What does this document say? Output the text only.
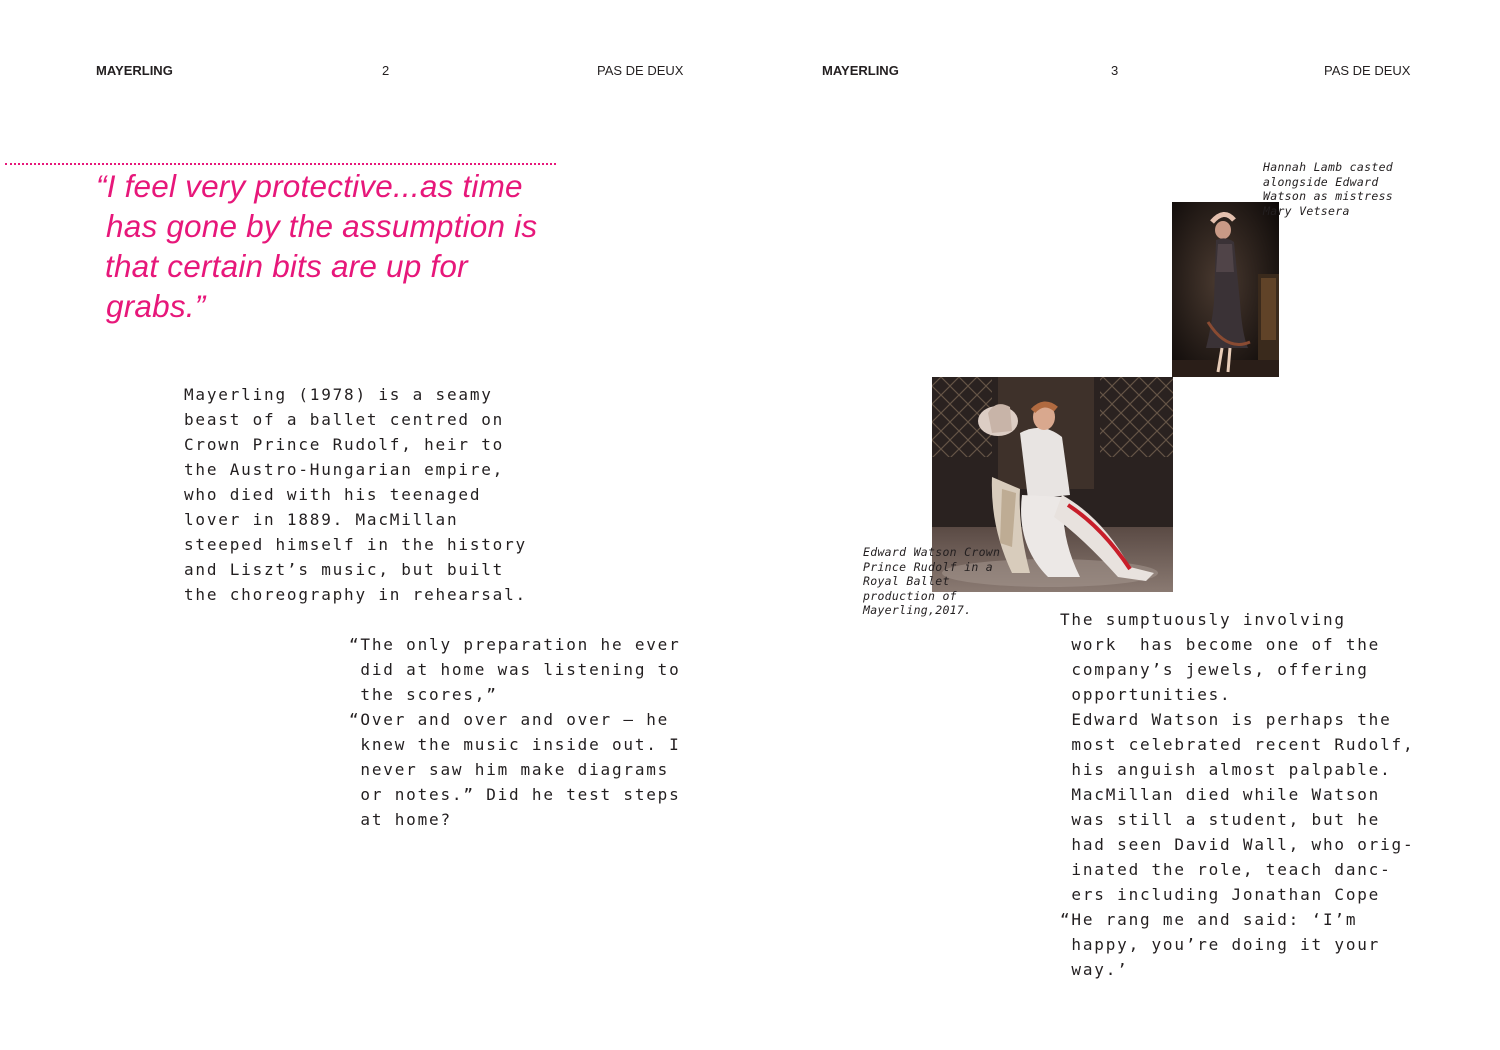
MAYERLING	2	PAS DE DEUX	MAYERLING	3	PAS DE DEUX
“I feel very protective...as time
has gone by the assumption is
that certain bits are up for
grabs.”
Mayerling (1978) is a seamy
beast of a ballet centred on
Crown Prince Rudolf, heir to
the Austro-Hungarian empire,
who died with his teenaged
lover in 1889. MacMillan
steeped himself in the history
and Liszt’s music, but built
the choreography in rehearsal.
“The only preparation he ever
did at home was listening to
the scores,”
“Over and over and over – he
knew the music inside out. I
never saw him make diagrams
or notes.” Did he test steps
at home?
Hannah Lamb casted
alongside Edward
Watson as mistress
Mary Vetsera
Edward Watson Crown
Prince Rudolf in a
Royal Ballet
production of
Mayerling,2017.	The sumptuously involving
work  has become one of the
company’s jewels, offering
opportunities.
Edward Watson is perhaps the
most celebrated recent Rudolf,
his anguish almost palpable.
MacMillan died while Watson
was still a student, but he
had seen David Wall, who orig-
inated the role, teach danc-
ers including Jonathan Cope
“He rang me and said: ‘I’m
happy, you’re doing it your
way.’
